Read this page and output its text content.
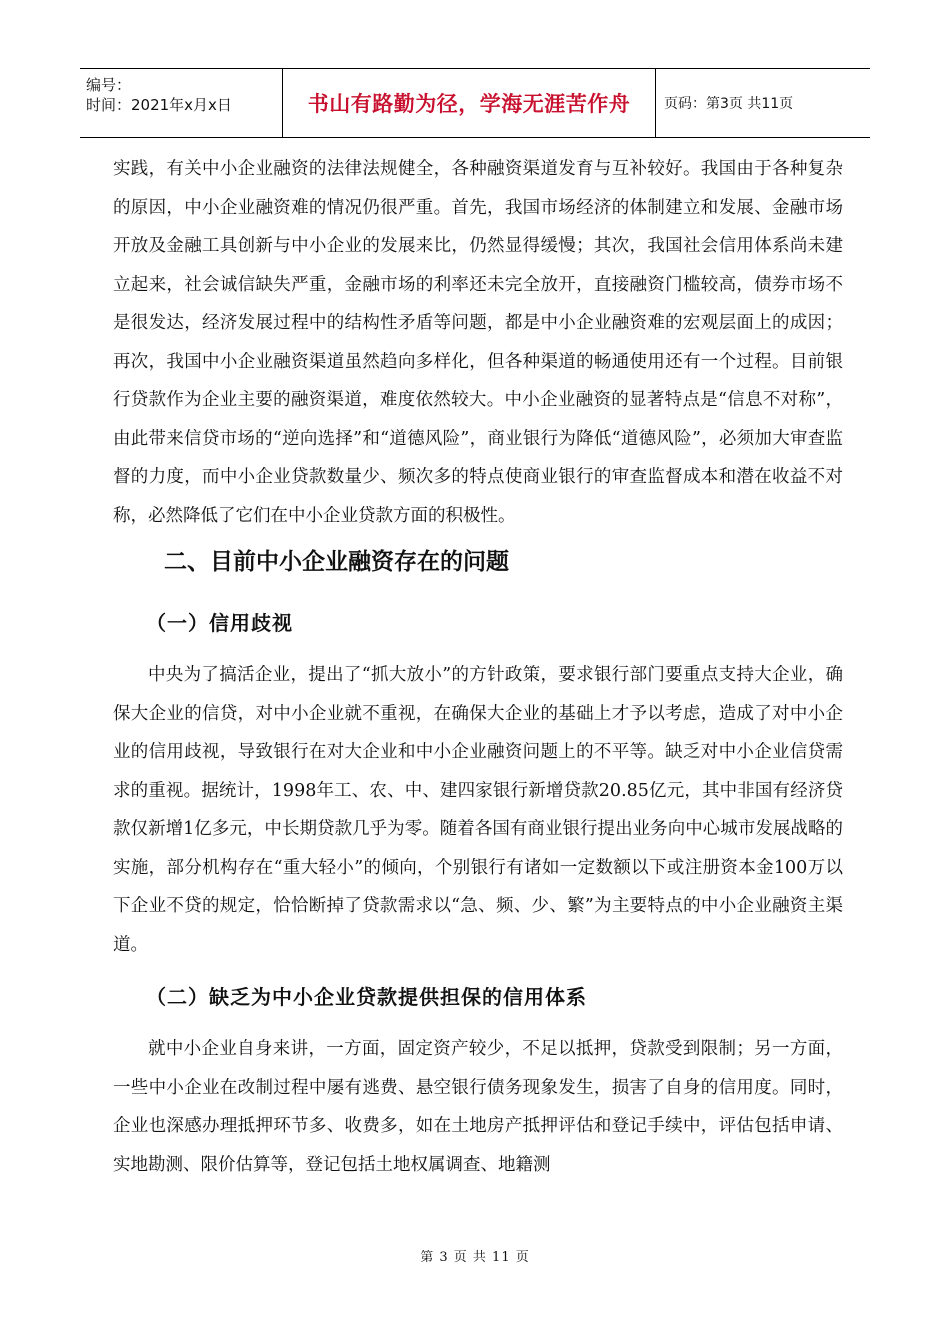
编号：
时间：2021年x月x日	书山有路勤为径，学海无涯苦作舟	页码：第3页 共11页

实践，有关中小企业融资的法律法规健全，各种融资渠道发育与互补较好。我国由于各种复杂的原因，中小企业融资难的情况仍很严重。首先，我国市场经济的体制建立和发展、金融市场开放及金融工具创新与中小企业的发展来比，仍然显得缓慢；其次，我国社会信用体系尚未建立起来，社会诚信缺失严重，金融市场的利率还未完全放开，直接融资门槛较高，债券市场不是很发达，经济发展过程中的结构性矛盾等问题，都是中小企业融资难的宏观层面上的成因；再次，我国中小企业融资渠道虽然趋向多样化，但各种渠道的畅通使用还有一个过程。目前银行贷款作为企业主要的融资渠道，难度依然较大。中小企业融资的显著特点是“信息不对称”，由此带来信贷市场的“逆向选择”和“道德风险”，商业银行为降低“道德风险”，必须加大审查监督的力度，而中小企业贷款数量少、频次多的特点使商业银行的审查监督成本和潜在收益不对称，必然降低了它们在中小企业贷款方面的积极性。

二、目前中小企业融资存在的问题
（一）信用歧视

中央为了搞活企业，提出了“抓大放小”的方针政策，要求银行部门要重点支持大企业，确保大企业的信贷，对中小企业就不重视，在确保大企业的基础上才予以考虑，造成了对中小企业的信用歧视，导致银行在对大企业和中小企业融资问题上的不平等。缺乏对中小企业信贷需求的重视。据统计，1998年工、农、中、建四家银行新增贷款20.85亿元，其中非国有经济贷款仅新增1亿多元，中长期贷款几乎为零。随着各国有商业银行提出业务向中心城市发展战略的实施，部分机构存在“重大轻小”的倾向，个别银行有诸如一定数额以下或注册资本金100万以下企业不贷的规定，恰恰断掉了贷款需求以“急、频、少、繁”为主要特点的中小企业融资主渠道。

（二）缺乏为中小企业贷款提供担保的信用体系

就中小企业自身来讲，一方面，固定资产较少，不足以抵押，贷款受到限制；另一方面，一些中小企业在改制过程中屡有逃费、悬空银行债务现象发生，损害了自身的信用度。同时，企业也深感办理抵押环节多、收费多，如在土地房产抵押评估和登记手续中，评估包括申请、实地勘测、限价估算等，登记包括土地权属调查、地籍测

第 3 页 共 11 页
